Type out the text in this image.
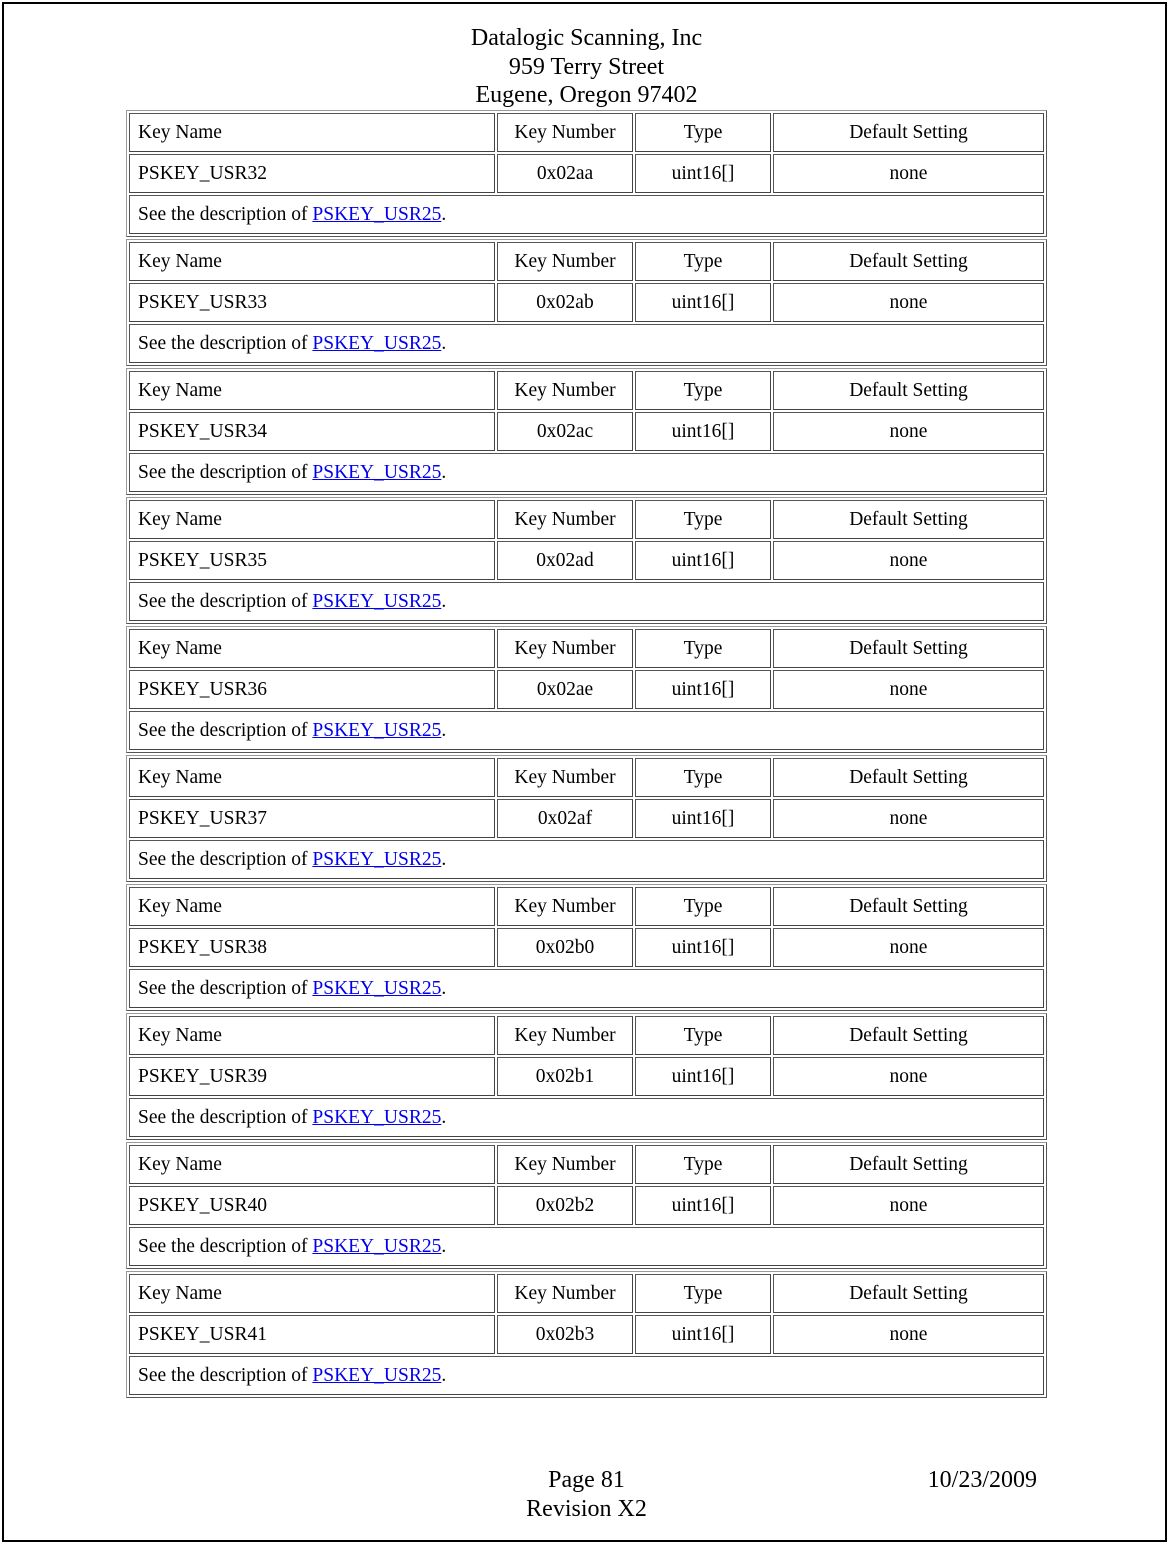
Datalogic Scanning, Inc
959 Terry Street
Eugene, Oregon 97402
Key Name	Key Number	Type	Default Setting
PSKEY_USR32	0x02aa	uint16[]	none
See the description of PSKEY_USR25.			
Key Name	Key Number	Type	Default Setting
PSKEY_USR33	0x02ab	uint16[]	none
See the description of PSKEY_USR25.			
Key Name	Key Number	Type	Default Setting
PSKEY_USR34	0x02ac	uint16[]	none
See the description of PSKEY_USR25.			
Key Name	Key Number	Type	Default Setting
PSKEY_USR35	0x02ad	uint16[]	none
See the description of PSKEY_USR25.			
Key Name	Key Number	Type	Default Setting
PSKEY_USR36	0x02ae	uint16[]	none
See the description of PSKEY_USR25.			
Key Name	Key Number	Type	Default Setting
PSKEY_USR37	0x02af	uint16[]	none
See the description of PSKEY_USR25.			
Key Name	Key Number	Type	Default Setting
PSKEY_USR38	0x02b0	uint16[]	none
See the description of PSKEY_USR25.			
Key Name	Key Number	Type	Default Setting
PSKEY_USR39	0x02b1	uint16[]	none
See the description of PSKEY_USR25.			
Key Name	Key Number	Type	Default Setting
PSKEY_USR40	0x02b2	uint16[]	none
See the description of PSKEY_USR25.			
Key Name	Key Number	Type	Default Setting
PSKEY_USR41	0x02b3	uint16[]	none
See the description of PSKEY_USR25.			
Page 81	10/23/2009
Revision X2
